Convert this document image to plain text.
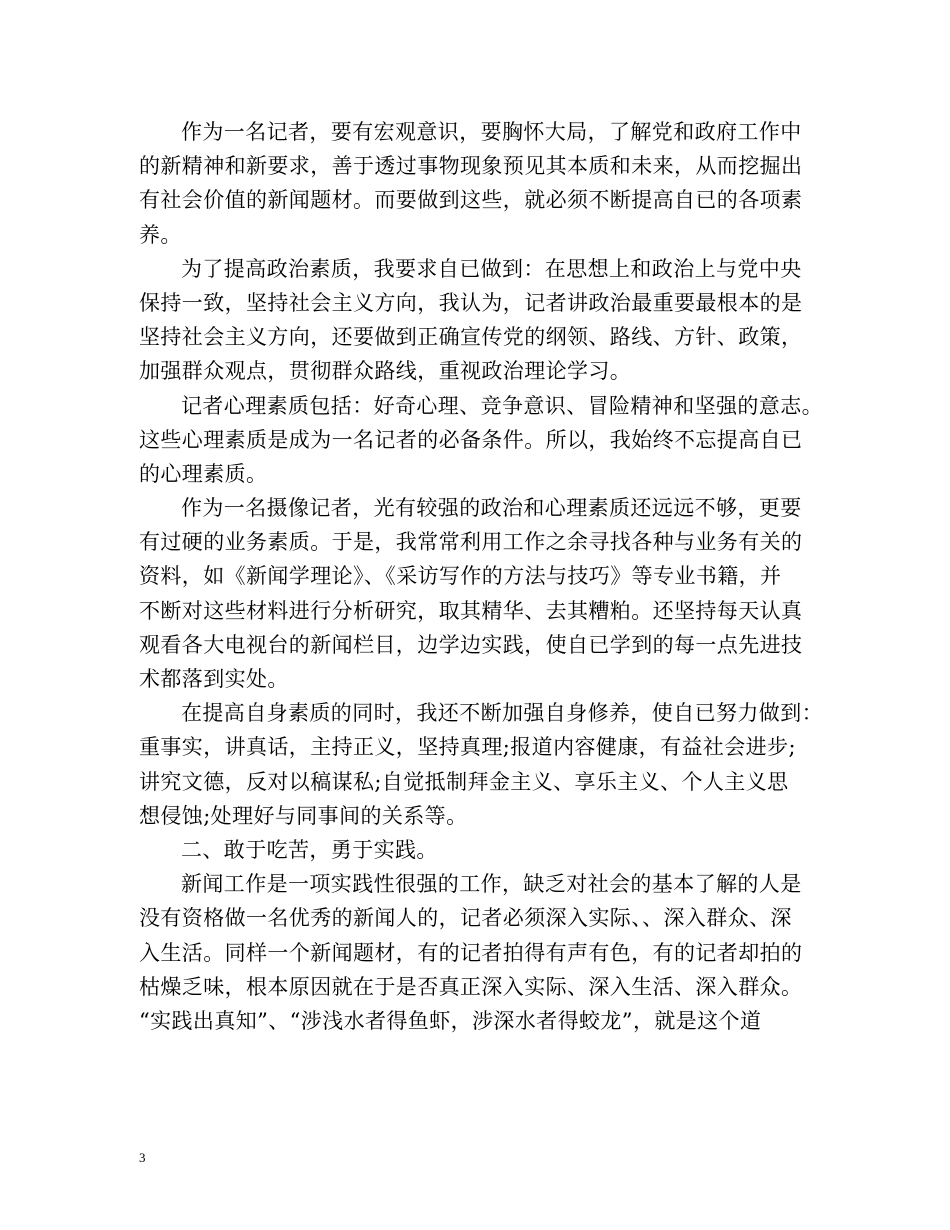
作为一名记者，要有宏观意识，要胸怀大局，了解党和政府工作中
的新精神和新要求，善于透过事物现象预见其本质和未来，从而挖掘出
有社会价值的新闻题材。而要做到这些，就必须不断提高自已的各项素
养。
为了提高政治素质，我要求自已做到：在思想上和政治上与党中央
保持一致，坚持社会主义方向，我认为，记者讲政治最重要最根本的是
坚持社会主义方向，还要做到正确宣传党的纲领、路线、方针、政策，
加强群众观点，贯彻群众路线，重视政治理论学习。
记者心理素质包括：好奇心理、竞争意识、冒险精神和坚强的意志。
这些心理素质是成为一名记者的必备条件。所以，我始终不忘提高自已
的心理素质。
作为一名摄像记者，光有较强的政治和心理素质还远远不够，更要
有过硬的业务素质。于是，我常常利用工作之余寻找各种与业务有关的
资料，如《新闻学理论》、《采访写作的方法与技巧》等专业书籍，并
不断对这些材料进行分析研究，取其精华、去其糟粕。还坚持每天认真
观看各大电视台的新闻栏目，边学边实践，使自已学到的每一点先进技
术都落到实处。
在提高自身素质的同时，我还不断加强自身修养，使自已努力做到：
重事实，讲真话，主持正义，坚持真理;报道内容健康，有益社会进步;
讲究文德，反对以稿谋私;自觉抵制拜金主义、享乐主义、个人主义思
想侵蚀;处理好与同事间的关系等。
二、敢于吃苦，勇于实践。
新闻工作是一项实践性很强的工作，缺乏对社会的基本了解的人是
没有资格做一名优秀的新闻人的，记者必须深入实际、、深入群众、深
入生活。同样一个新闻题材，有的记者拍得有声有色，有的记者却拍的
枯燥乏味，根本原因就在于是否真正深入实际、深入生活、深入群众。
“实践出真知”、“涉浅水者得鱼虾，涉深水者得蛟龙”，就是这个道
3
